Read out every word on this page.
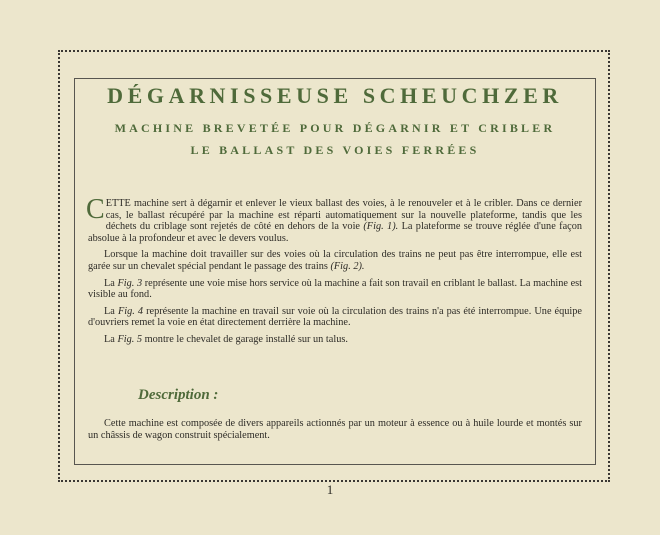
DÉGARNISSEUSE SCHEUCHZER
MACHINE BREVETÉE POUR DÉGARNIR ET CRIBLER
LE BALLAST DES VOIES FERRÉES

CETTE machine sert à dégarnir et enlever le vieux ballast des voies, à le renouveler et à le cribler. Dans ce dernier cas, le ballast récupéré par la machine est réparti automatiquement sur la nouvelle plateforme, tandis que les déchets du criblage sont rejetés de côté en dehors de la voie (Fig. 1). La plateforme se trouve réglée d'une façon absolue à la profondeur et avec le devers voulus.

Lorsque la machine doit travailler sur des voies où la circulation des trains ne peut pas être interrompue, elle est garée sur un chevalet spécial pendant le passage des trains (Fig. 2).

La Fig. 3 représente une voie mise hors service où la machine a fait son travail en criblant le ballast. La machine est visible au fond.

La Fig. 4 représente la machine en travail sur voie où la circulation des trains n'a pas été interrompue. Une équipe d'ouvriers remet la voie en état directement derrière la machine.

La Fig. 5 montre le chevalet de garage installé sur un talus.

Description :
Cette machine est composée de divers appareils actionnés par un moteur à essence ou à huile lourde et montés sur un châssis de wagon construit spécialement.
1
